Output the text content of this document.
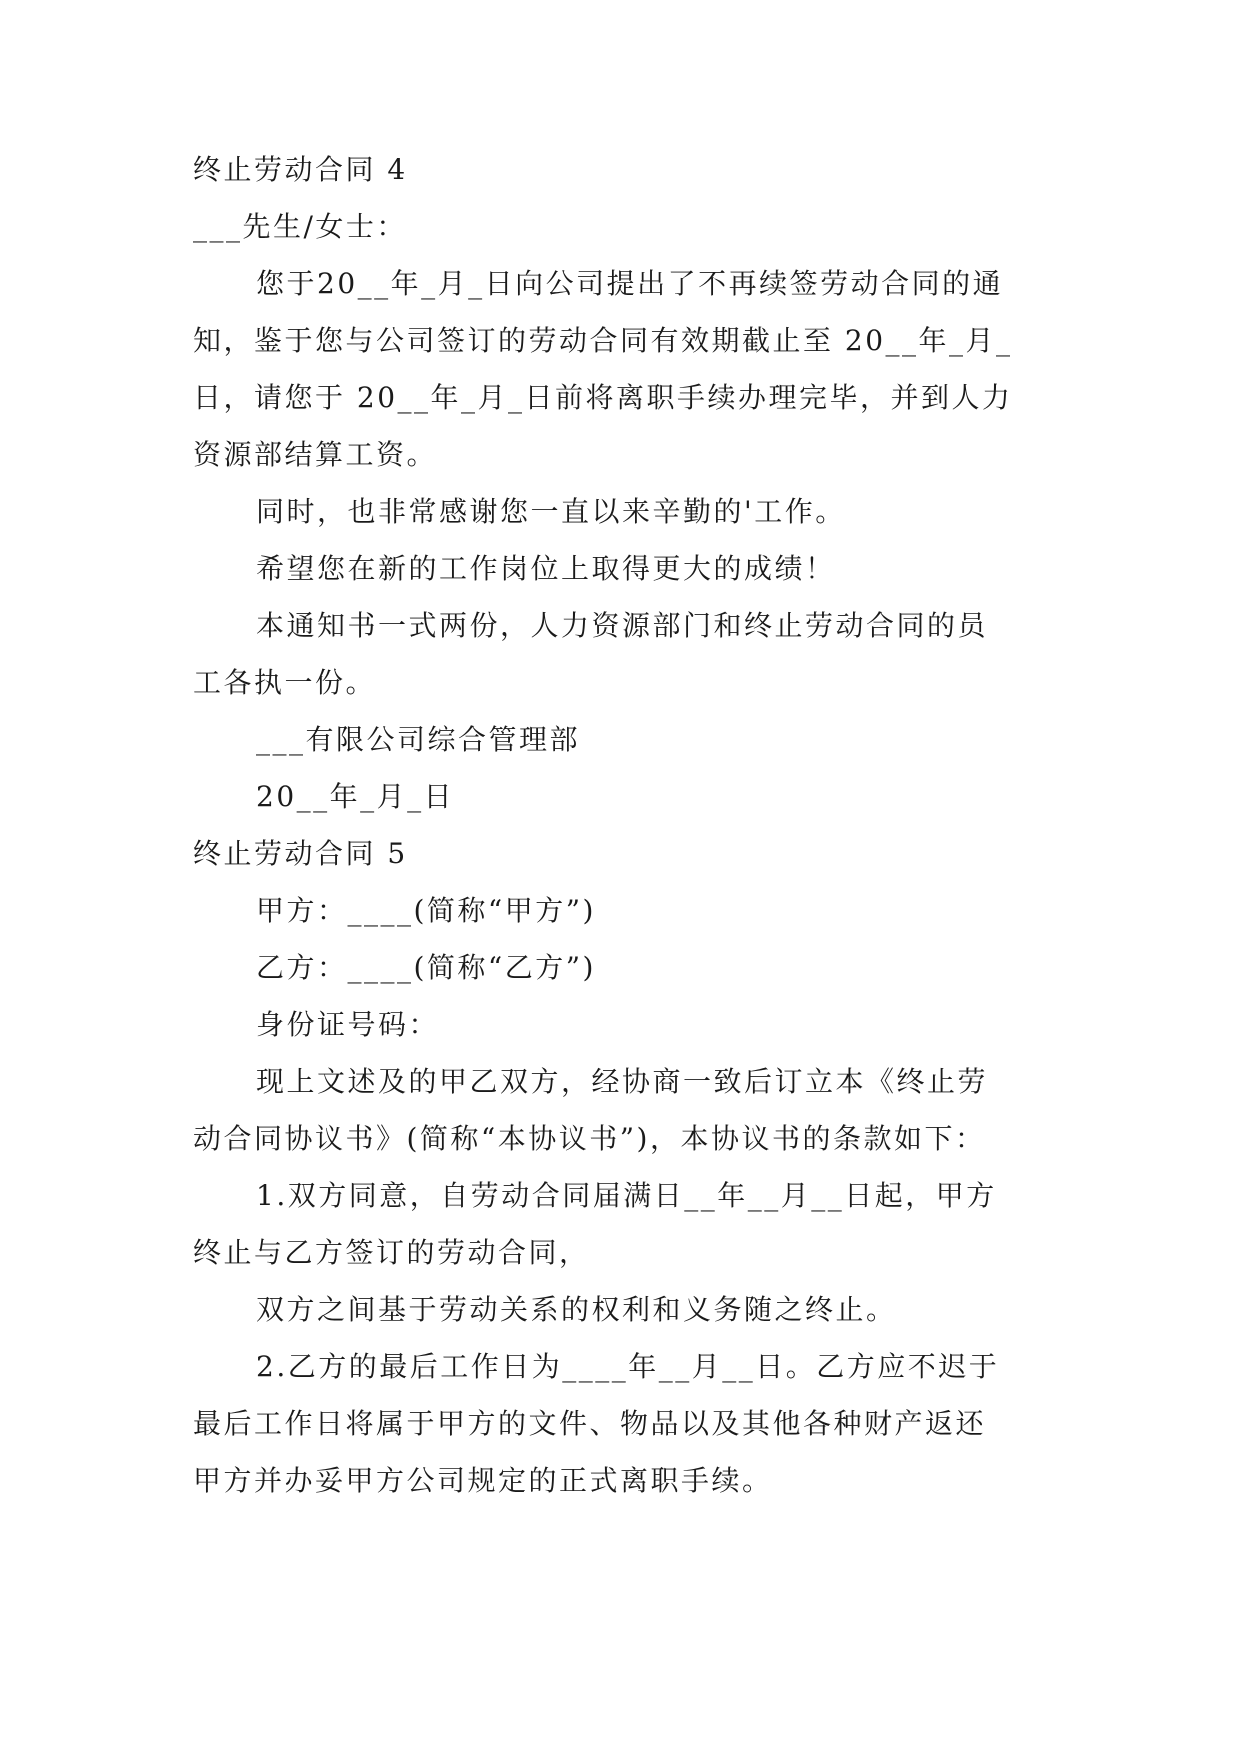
终止劳动合同 4
___先生/女士：
您于20__年_月_日向公司提出了不再续签劳动合同的通
知，鉴于您与公司签订的劳动合同有效期截止至 20__年_月_
日，请您于 20__年_月_日前将离职手续办理完毕，并到人力
资源部结算工资。
同时，也非常感谢您一直以来辛勤的'工作。
希望您在新的工作岗位上取得更大的成绩！
本通知书一式两份，人力资源部门和终止劳动合同的员
工各执一份。
___有限公司综合管理部
20__年_月_日
终止劳动合同 5
甲方：____(简称“甲方”)
乙方：____(简称“乙方”)
身份证号码：
现上文述及的甲乙双方，经协商一致后订立本《终止劳
动合同协议书》(简称“本协议书”)，本协议书的条款如下：
1.双方同意，自劳动合同届满日__年__月__日起，甲方
终止与乙方签订的劳动合同，
双方之间基于劳动关系的权利和义务随之终止。
2.乙方的最后工作日为____年__月__日。乙方应不迟于
最后工作日将属于甲方的文件、物品以及其他各种财产返还
甲方并办妥甲方公司规定的正式离职手续。
